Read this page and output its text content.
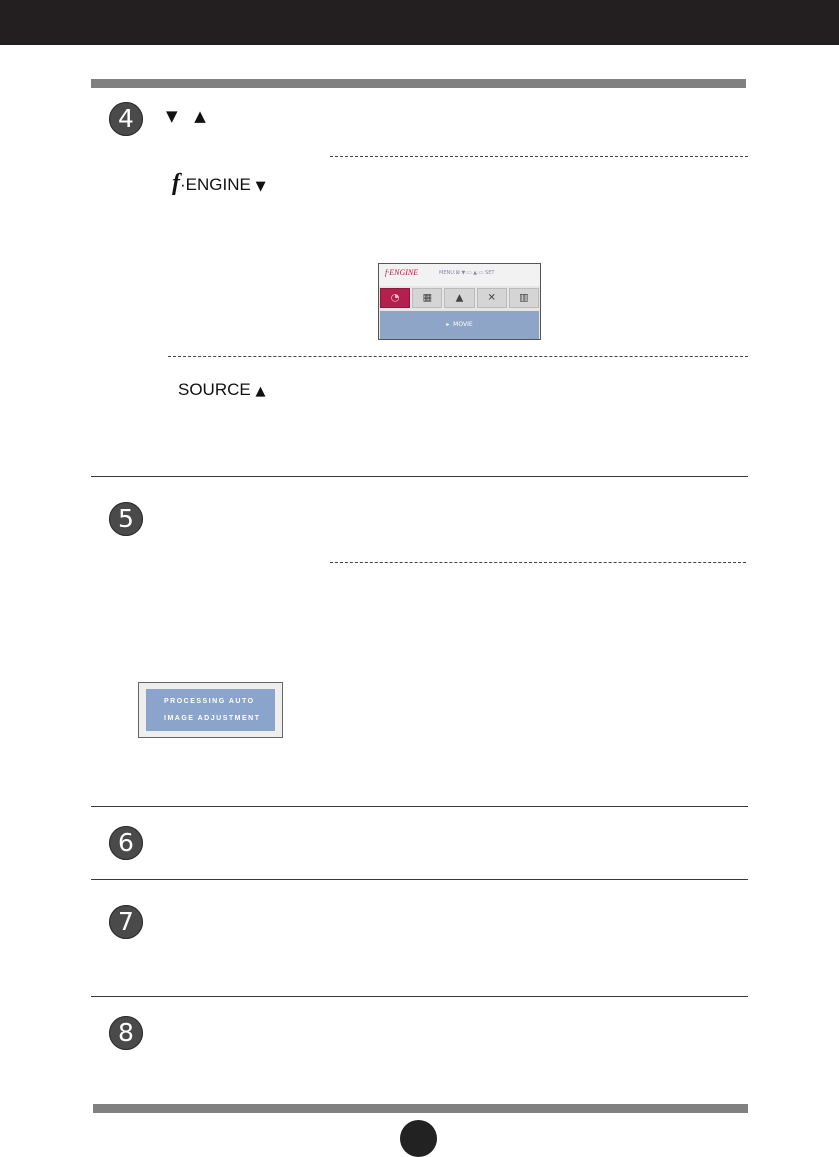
4	▼ ▲
f·ENGINE ▼
f·ENGINE	MENU:⊠ ▼:▭ ▲:▭ SET
◔ ▦ ▲ ✕ ▥
▸  MOVIE
SOURCE ▲
5
PROCESSING AUTO
IMAGE ADJUSTMENT
6
7
8
